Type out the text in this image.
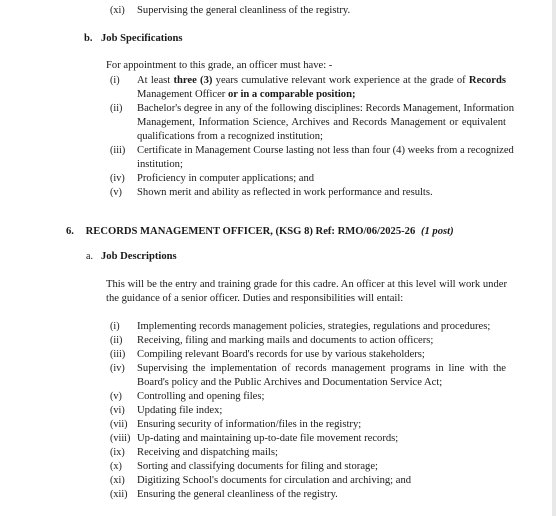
(xi) Supervising the general cleanliness of the registry.
b. Job Specifications
For appointment to this grade, an officer must have: -
(i) At least three (3) years cumulative relevant work experience at the grade of Records
Management Officer or in a comparable position;
(ii) Bachelor's degree in any of the following disciplines: Records Management, Information
Management, Information Science, Archives and Records Management or equivalent
qualifications from a recognized institution;
(iii) Certificate in Management Course lasting not less than four (4) weeks from a recognized
institution;
(iv) Proficiency in computer applications; and
(v) Shown merit and ability as reflected in work performance and results.
6. RECORDS MANAGEMENT OFFICER, (KSG 8) Ref: RMO/06/2025-26 (1 post)
a. Job Descriptions
This will be the entry and training grade for this cadre. An officer at this level will work under
the guidance of a senior officer. Duties and responsibilities will entail:
(i) Implementing records management policies, strategies, regulations and procedures;
(ii) Receiving, filing and marking mails and documents to action officers;
(iii) Compiling relevant Board's records for use by various stakeholders;
(iv) Supervising the implementation of records management programs in line with the
Board's policy and the Public Archives and Documentation Service Act;
(v) Controlling and opening files;
(vi) Updating file index;
(vii) Ensuring security of information/files in the registry;
(viii) Up-dating and maintaining up-to-date file movement records;
(ix) Receiving and dispatching mails;
(x) Sorting and classifying documents for filing and storage;
(xi) Digitizing School's documents for circulation and archiving; and
(xii) Ensuring the general cleanliness of the registry.
